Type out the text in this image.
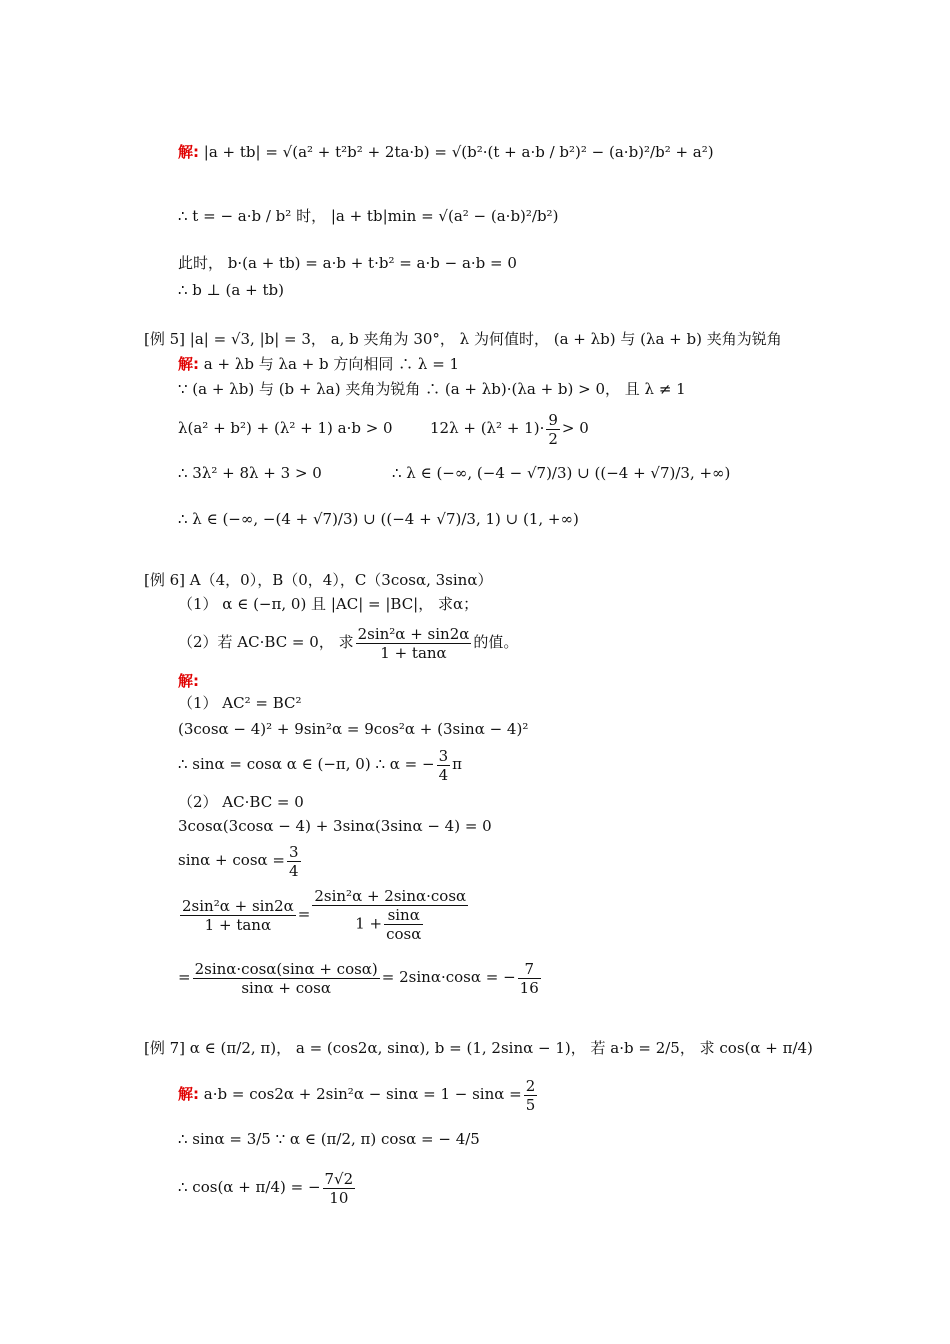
解: |a + tb| = √(a² + t²b² + 2ta·b) = √(b²·(t + a·b / b²)² − (a·b)²/b² + a²)
∴ t = − a·b / b² 时， |a + tb|min = √(a² − (a·b)²/b²)
此时， b·(a + tb) = a·b + t·b² = a·b − a·b = 0
∴ b ⊥ (a + tb)
[例 5] |a| = √3, |b| = 3， a, b 夹角为 30°， λ 为何值时， (a + λb) 与 (λa + b) 夹角为锐角
解: a + λb 与 λa + b 方向相同 ∴ λ = 1
∵ (a + λb) 与 (b + λa) 夹角为锐角 ∴ (a + λb)·(λa + b) > 0， 且 λ ≠ 1
λ(a² + b²) + (λ² + 1) a·b > 0 $12\lambda + (\lambda^2 + 1)\cdot \frac{9}{2} > 0$
∴ 3λ² + 8λ + 3 > 0	∴ λ ∈ (−∞, (−4 − √7)/3) ∪ ((−4 + √7)/3, +∞)
∴ λ ∈ (−∞, −(4 + √7)/3) ∪ ((−4 + √7)/3, 1) ∪ (1, +∞)
[例 6] A（4，0），B（0，4），C（3cosα, 3sinα）
（1） α ∈ (−π, 0) 且 |AC| = |BC|， 求α；
（2）若 AC·BC = 0， 求 $\frac{\text{2sin²α + sin2α}}{1 + \tan\alpha}$ 的值。
解:
（1） AC² = BC²
(3cosα − 4)² + 9sin²α = 9cos²α + (3sinα − 4)²
∴ sinα = cosα α ∈ (−π, 0) ∴ α = − $\frac{3}{4}$ π
（2） AC·BC = 0
3cosα(3cosα − 4) + 3sinα(3sinα − 4) = 0
$\sin\alpha + \cos\alpha = \frac{3}{4}$
$\frac{\text{2sin²α + sin2α}}{1 + \tan\alpha} = \frac{\text{2sin²α + 2sinα·cosα}}{1 + \frac{\sin\alpha}{\cos\alpha}}$
= $\frac{2\sin\alpha\cdot\cos\alpha(\sin\alpha + \cos\alpha)}{\sin\alpha + \cos\alpha} = 2\sin\alpha\cdot\cos\alpha$ = − $\frac{7}{16}$
[例 7] α ∈ (π/2, π)， a = (cos2α, sinα), b = (1, 2sinα − 1)， 若 a·b = 2/5， 求 cos(α + π/4)
解: $a\cdot b = \cos 2\alpha + 2\sin^2\alpha - \sin\alpha = 1 - \sin\alpha = \frac{2}{5}$
∴ sinα = 3/5 ∵ α ∈ (π/2, π) cosα = − 4/5
∴ cos(α + π/4) = − $\frac{7√2}{10}$
